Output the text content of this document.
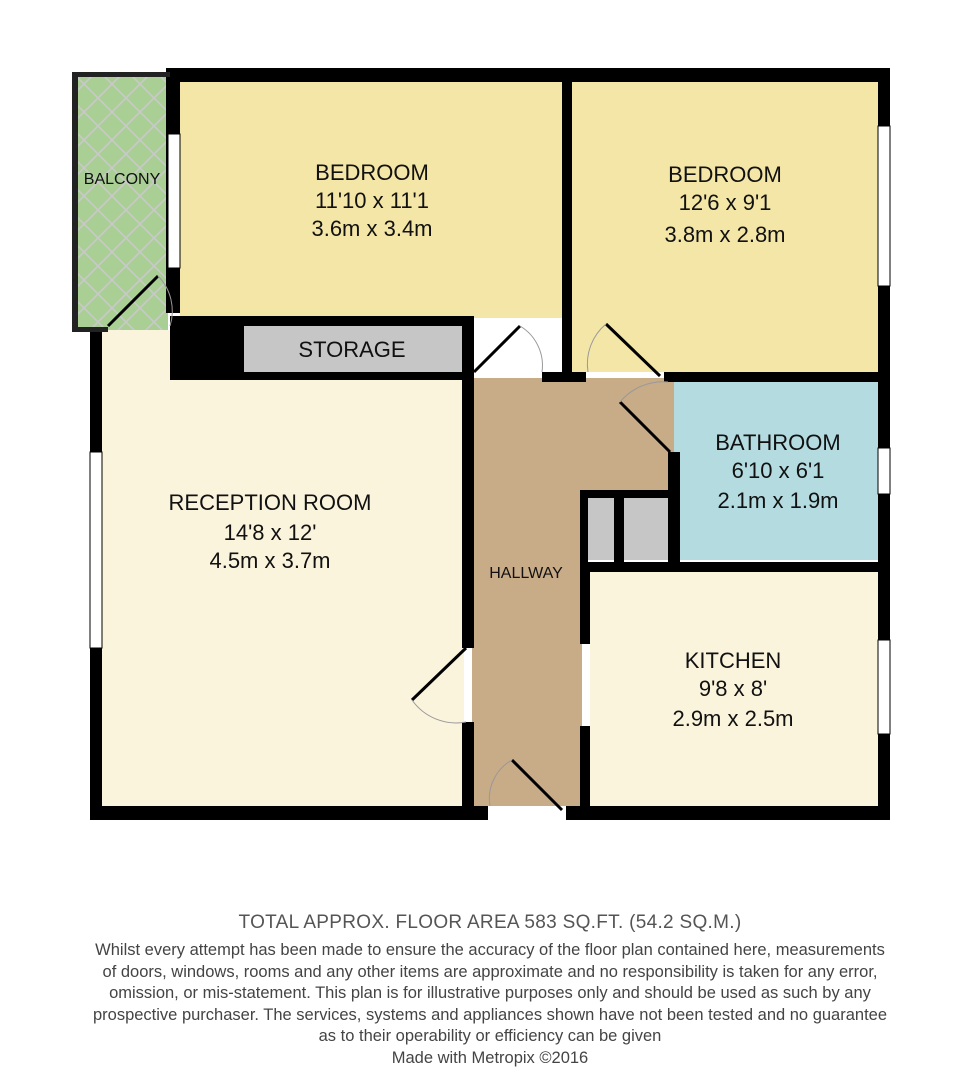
BEDROOM
11'10 x 11'1
3.6m x 3.4m
BEDROOM
12'6 x 9'1
3.8m x 2.8m
BATHROOM
6'10 x 6'1
2.1m x 1.9m
RECEPTION ROOM
14'8 x 12'
4.5m x 3.7m
KITCHEN
9'8 x 8'
2.9m x 2.5m
HALLWAY
STORAGE
BALCONY
TOTAL APPROX. FLOOR AREA 583 SQ.FT. (54.2 SQ.M.)
Whilst every attempt has been made to ensure the accuracy of the floor plan contained here, measurements
of doors, windows, rooms and any other items are approximate and no responsibility is taken for any error,
omission, or mis-statement. This plan is for illustrative purposes only and should be used as such by any
prospective purchaser. The services, systems and appliances shown have not been tested and no guarantee
as to their operability or efficiency can be given
Made with Metropix ©2016
